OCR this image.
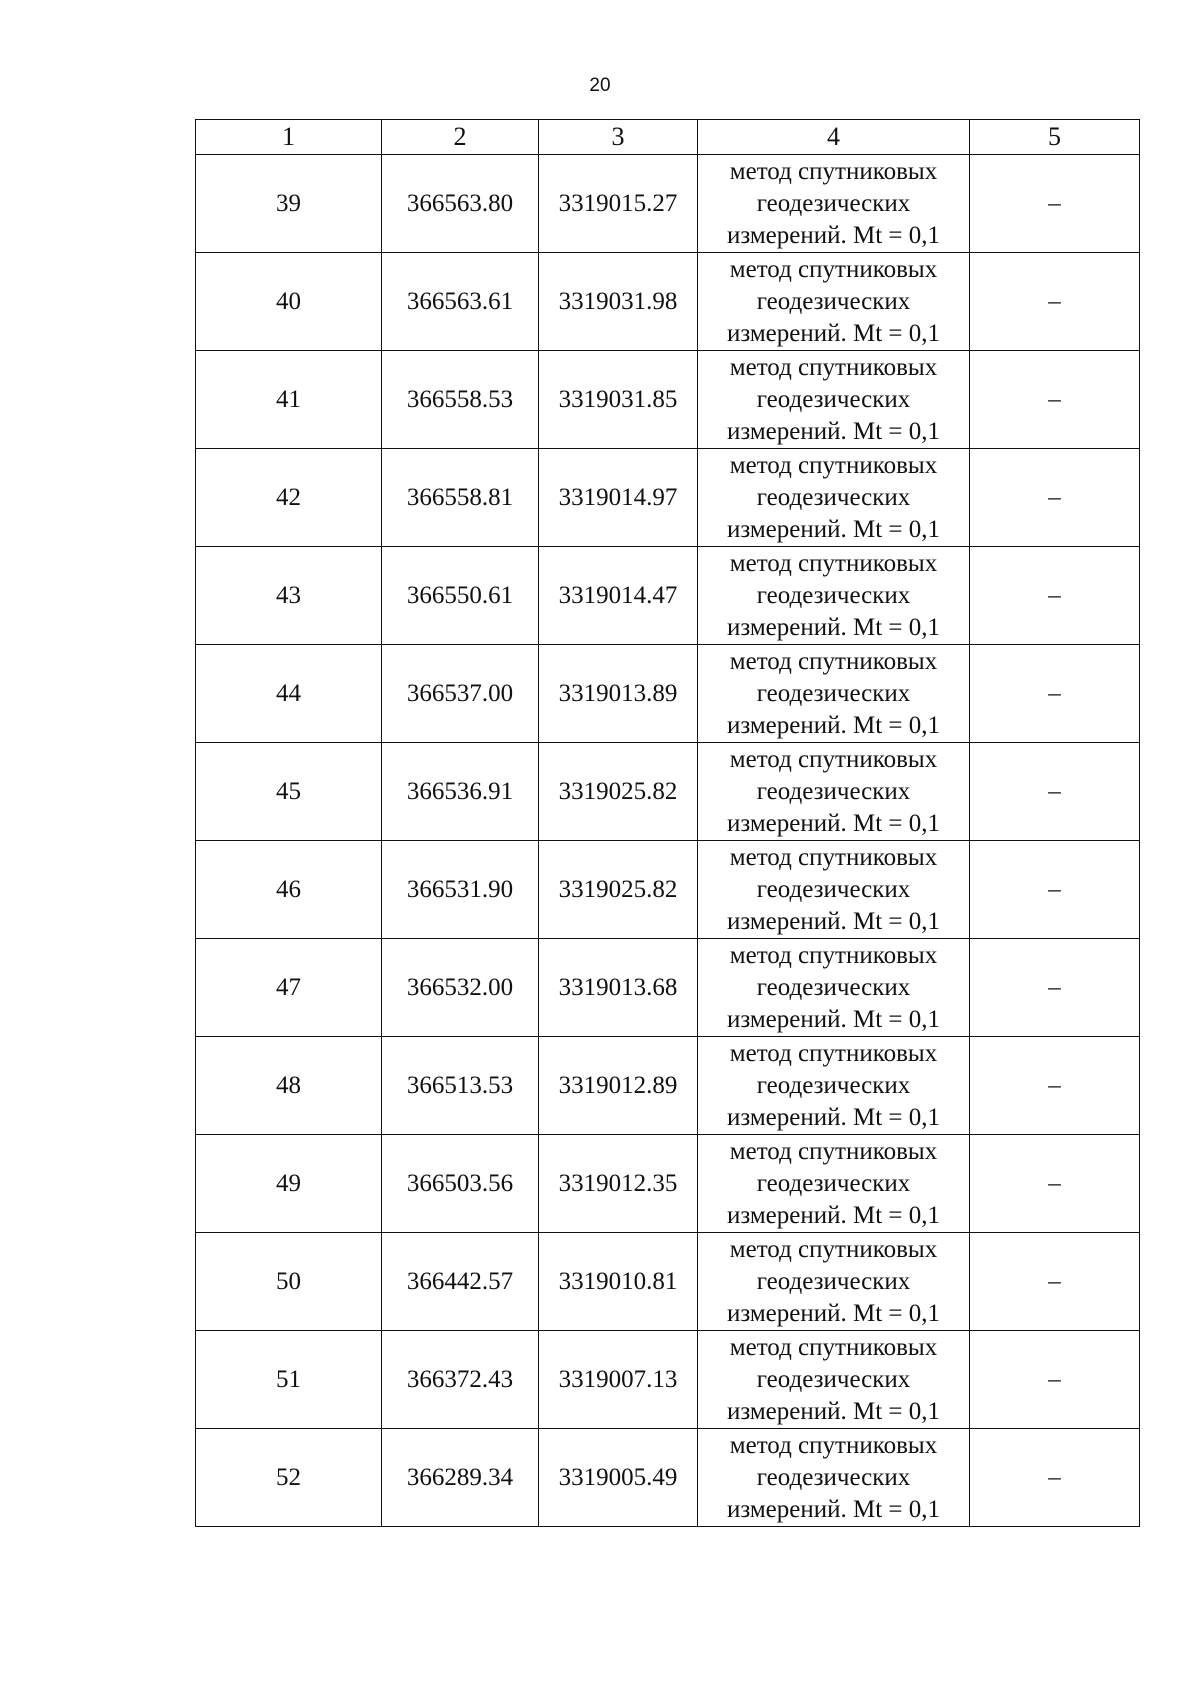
20
1	2	3	4	5
39	366563.80	3319015.27	метод спутниковых
геодезических
измерений. Mt = 0,1	–
40	366563.61	3319031.98	метод спутниковых
геодезических
измерений. Mt = 0,1	–
41	366558.53	3319031.85	метод спутниковых
геодезических
измерений. Mt = 0,1	–
42	366558.81	3319014.97	метод спутниковых
геодезических
измерений. Mt = 0,1	–
43	366550.61	3319014.47	метод спутниковых
геодезических
измерений. Mt = 0,1	–
44	366537.00	3319013.89	метод спутниковых
геодезических
измерений. Mt = 0,1	–
45	366536.91	3319025.82	метод спутниковых
геодезических
измерений. Mt = 0,1	–
46	366531.90	3319025.82	метод спутниковых
геодезических
измерений. Mt = 0,1	–
47	366532.00	3319013.68	метод спутниковых
геодезических
измерений. Mt = 0,1	–
48	366513.53	3319012.89	метод спутниковых
геодезических
измерений. Mt = 0,1	–
49	366503.56	3319012.35	метод спутниковых
геодезических
измерений. Mt = 0,1	–
50	366442.57	3319010.81	метод спутниковых
геодезических
измерений. Mt = 0,1	–
51	366372.43	3319007.13	метод спутниковых
геодезических
измерений. Mt = 0,1	–
52	366289.34	3319005.49	метод спутниковых
геодезических
измерений. Mt = 0,1	–
